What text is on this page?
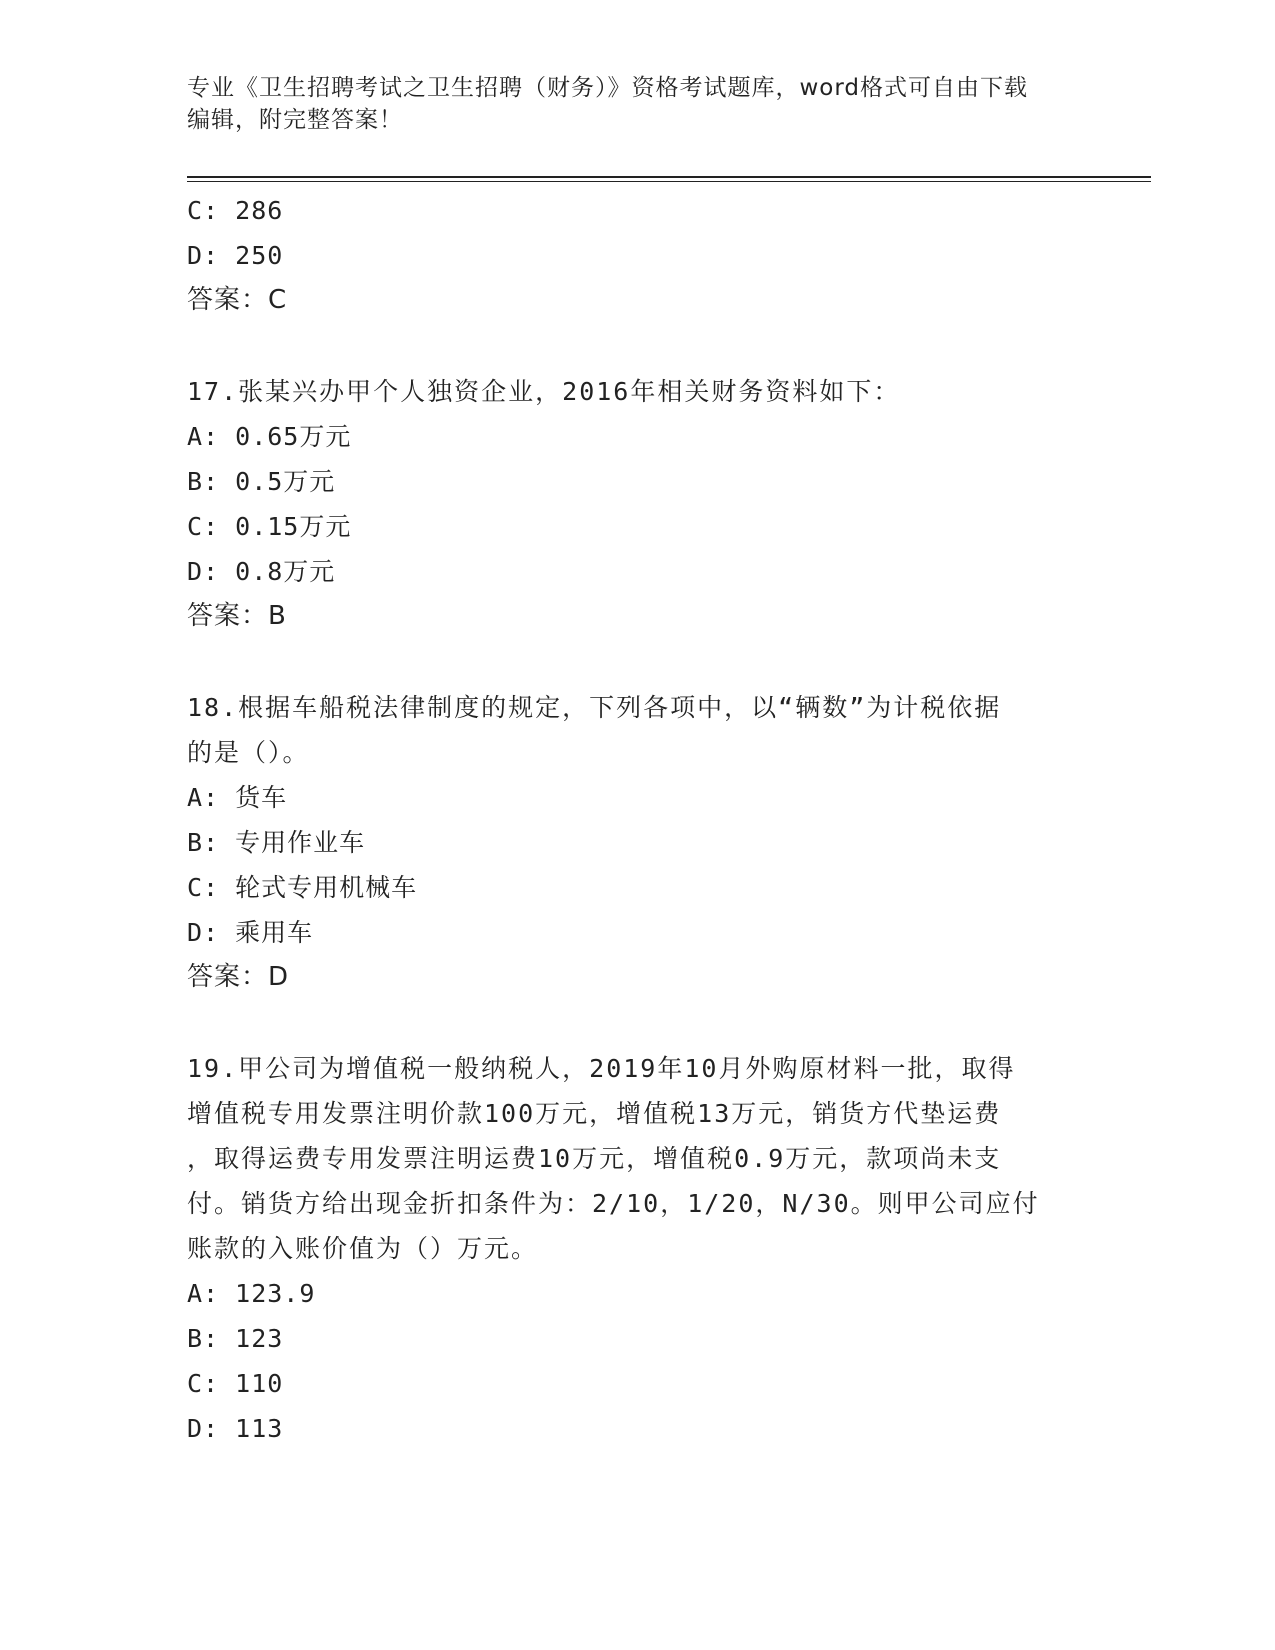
专业《卫生招聘考试之卫生招聘（财务）》资格考试题库，word格式可自由下载
编辑，附完整答案！
C: 286
D: 250
答案：C
17.张某兴办甲个人独资企业，2016年相关财务资料如下：
A: 0.65万元
B: 0.5万元
C: 0.15万元
D: 0.8万元
答案：B
18.根据车船税法律制度的规定，下列各项中，以“辆数”为计税依据
的是（）。
A: 货车
B: 专用作业车
C: 轮式专用机械车
D: 乘用车
答案：D
19.甲公司为增值税一般纳税人，2019年10月外购原材料一批，取得
增值税专用发票注明价款100万元，增值税13万元，销货方代垫运费
，取得运费专用发票注明运费10万元，增值税0.9万元，款项尚未支
付。销货方给出现金折扣条件为：2/10，1/20，N/30。则甲公司应付
账款的入账价值为（）万元。
A: 123.9
B: 123
C: 110
D: 113
